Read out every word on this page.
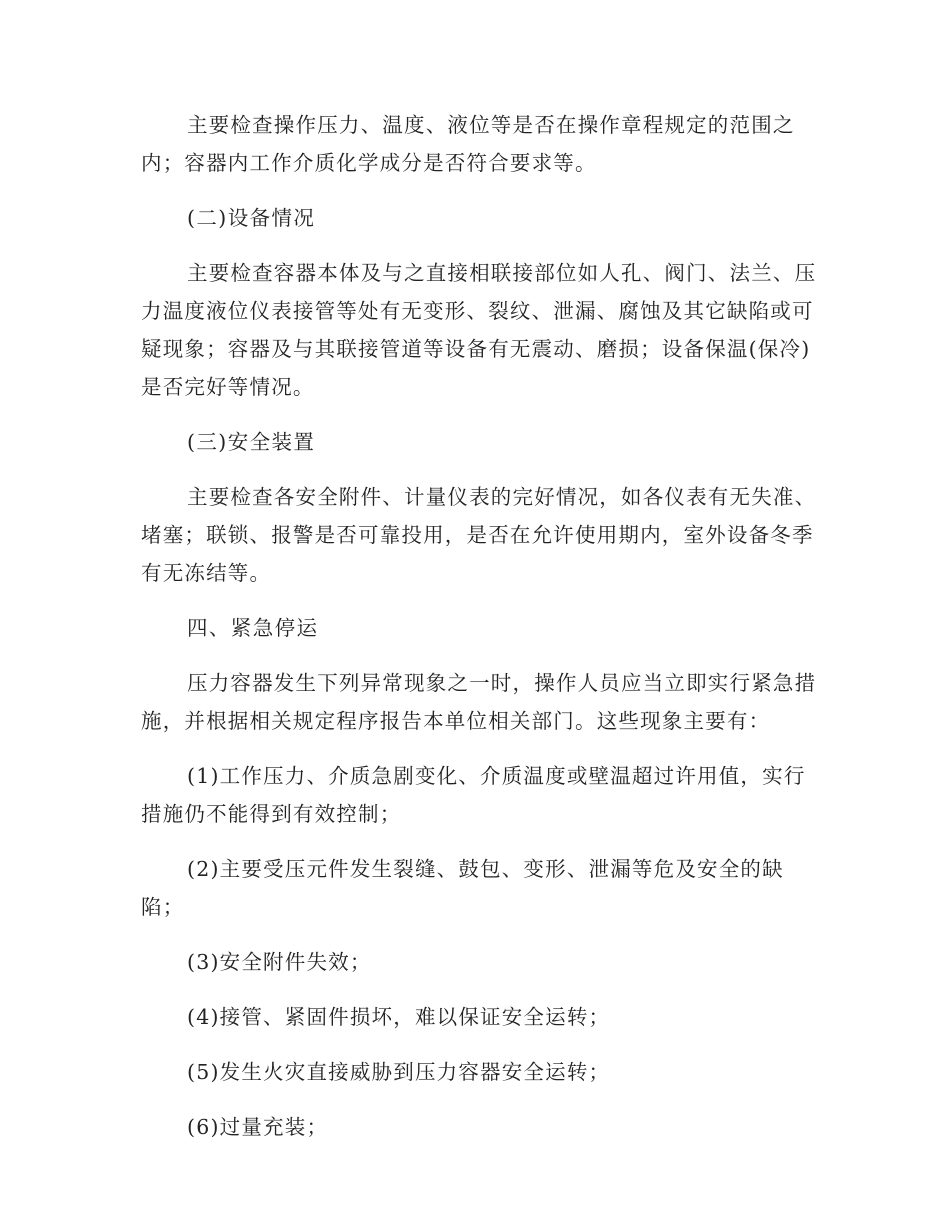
主要检查操作压力、温度、液位等是否在操作章程规定的范围之内；容器内工作介质化学成分是否符合要求等。

(二)设备情况

主要检查容器本体及与之直接相联接部位如人孔、阀门、法兰、压力温度液位仪表接管等处有无变形、裂纹、泄漏、腐蚀及其它缺陷或可疑现象；容器及与其联接管道等设备有无震动、磨损；设备保温(保冷)是否完好等情况。

(三)安全装置

主要检查各安全附件、计量仪表的完好情况，如各仪表有无失准、堵塞；联锁、报警是否可靠投用，是否在允许使用期内，室外设备冬季有无冻结等。

四、紧急停运

压力容器发生下列异常现象之一时，操作人员应当立即实行紧急措施，并根据相关规定程序报告本单位相关部门。这些现象主要有：

(1)工作压力、介质急剧变化、介质温度或壁温超过许用值，实行措施仍不能得到有效控制；

(2)主要受压元件发生裂缝、鼓包、变形、泄漏等危及安全的缺陷；

(3)安全附件失效；

(4)接管、紧固件损坏，难以保证安全运转；

(5)发生火灾直接威胁到压力容器安全运转；

(6)过量充装；
